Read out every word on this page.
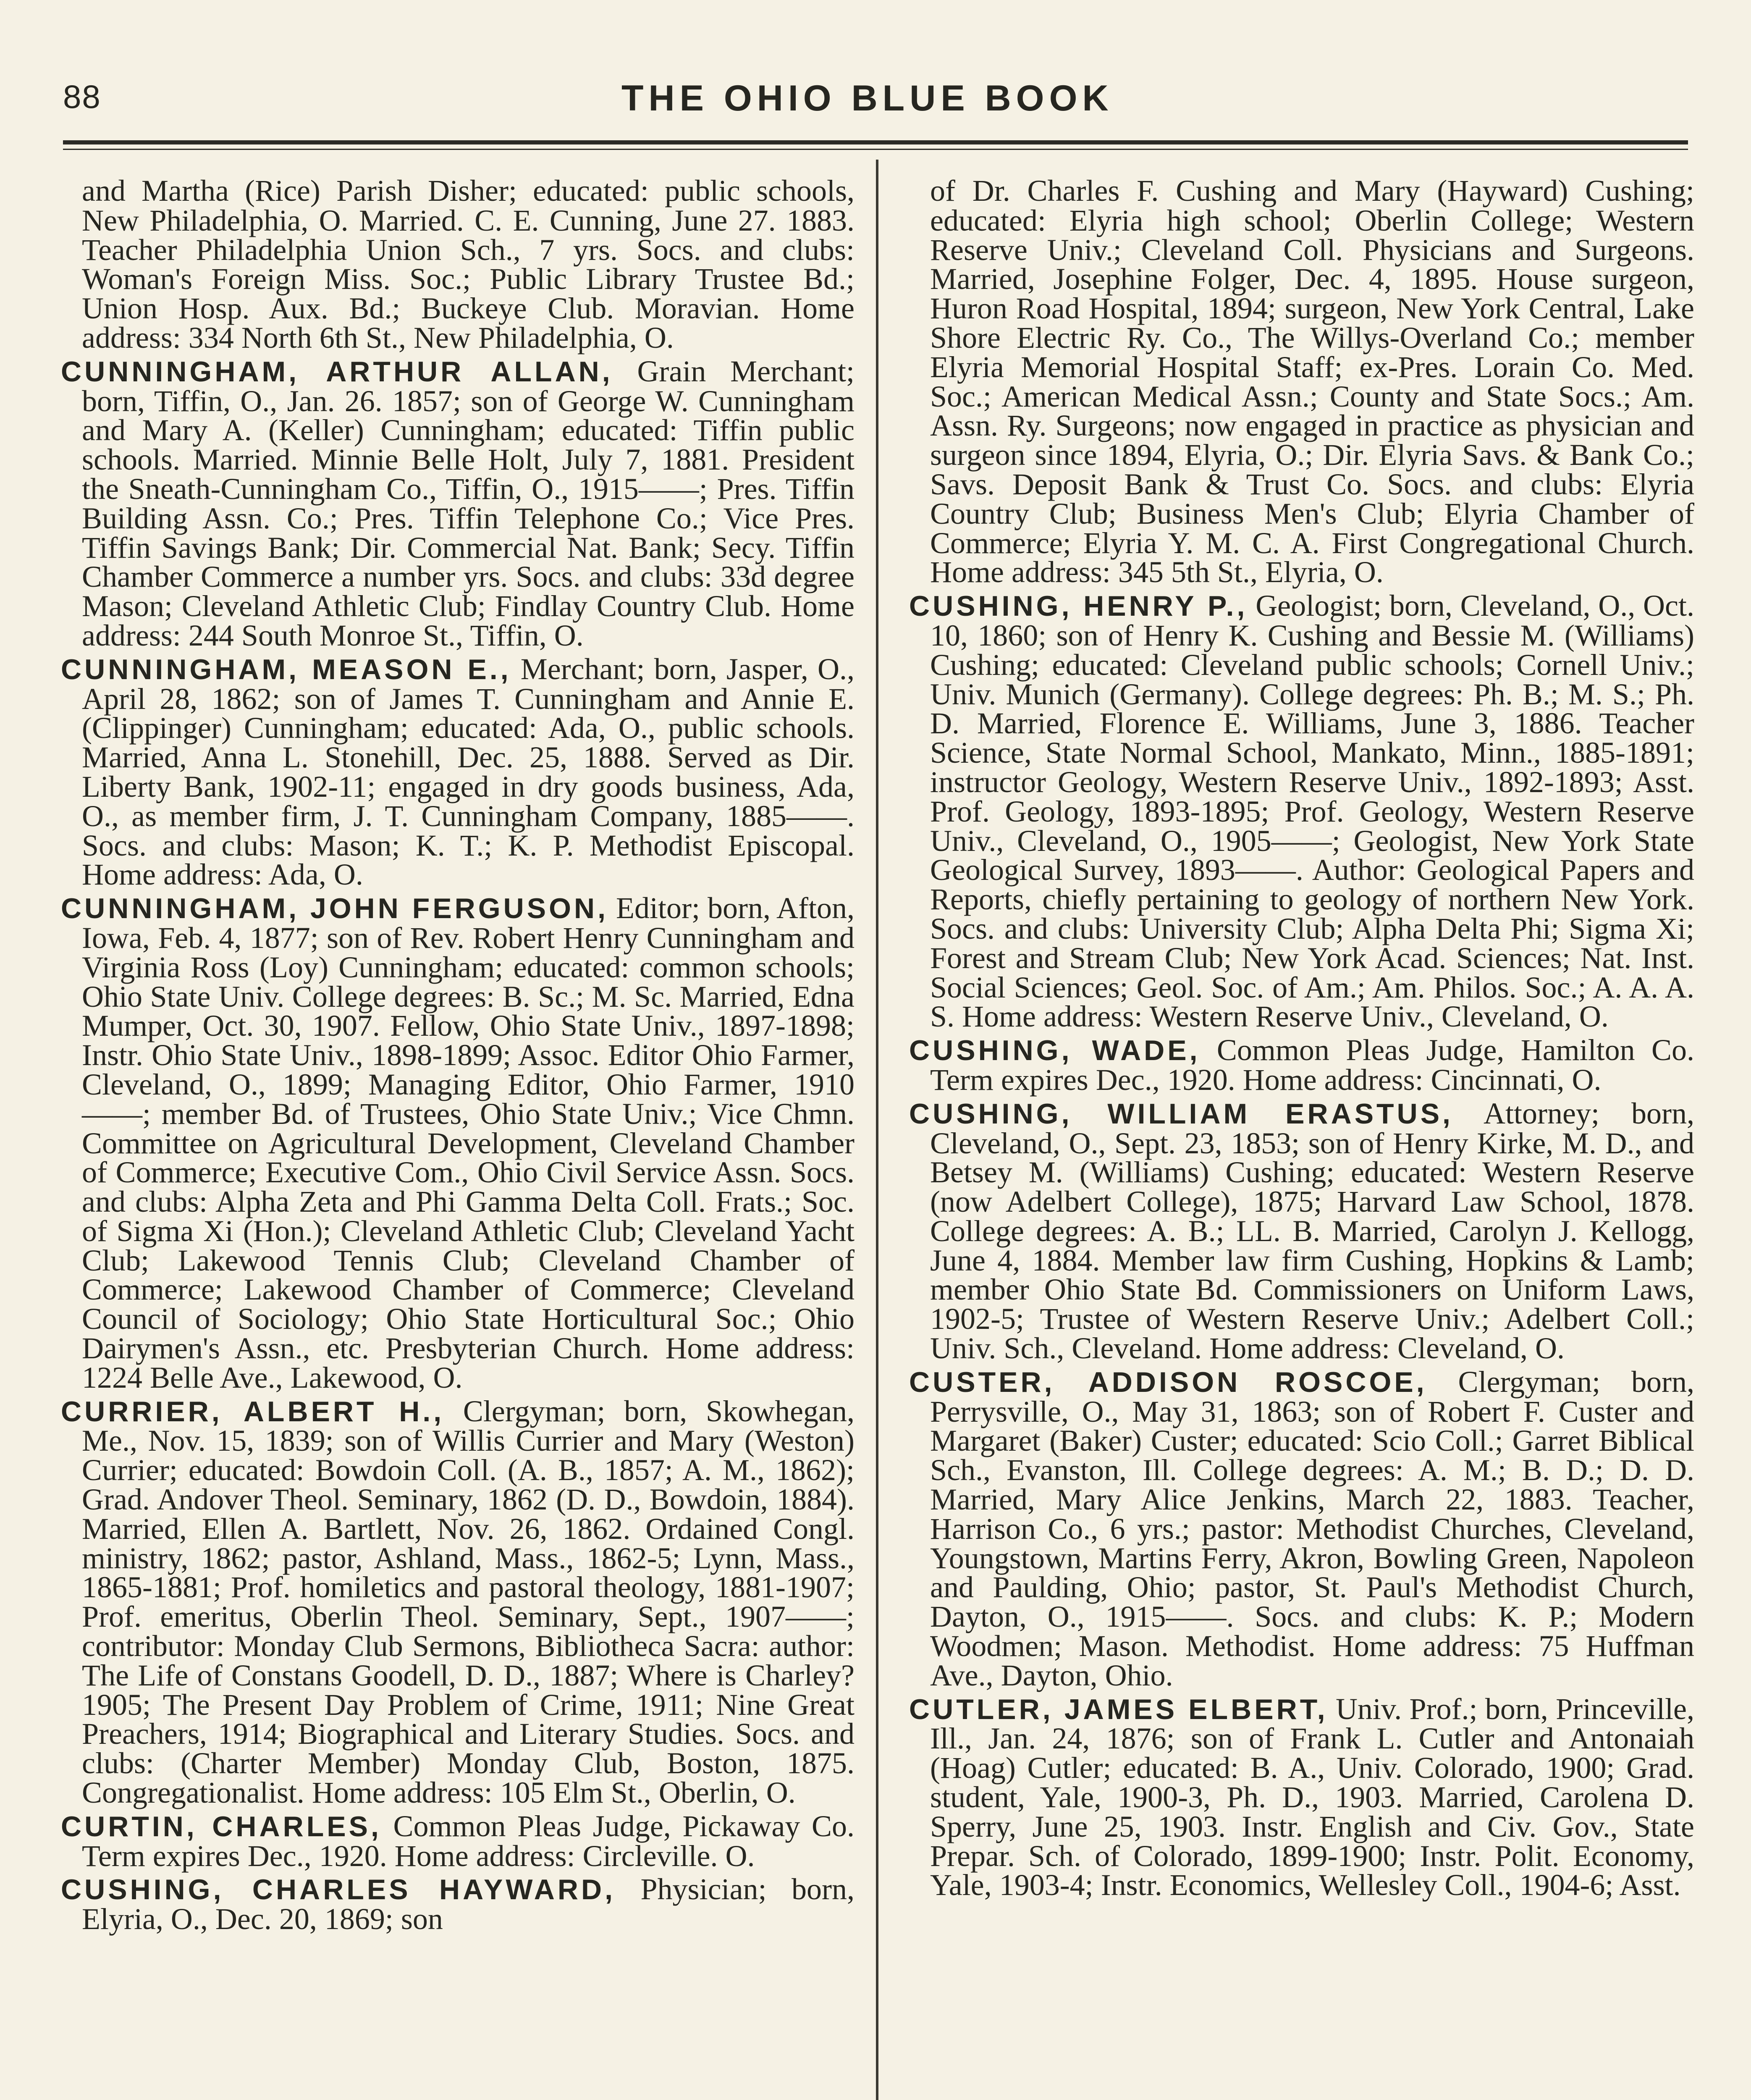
88	THE OHIO BLUE BOOK

and Martha (Rice) Parish Disher; educated: public schools, New Philadelphia, O. Married. C. E. Cunning, June 27. 1883. Teacher Philadelphia Union Sch., 7 yrs. Socs. and clubs: Woman's Foreign Miss. Soc.; Public Library Trustee Bd.; Union Hosp. Aux. Bd.; Buckeye Club. Moravian. Home address: 334 North 6th St., New Philadelphia, O.

CUNNINGHAM, ARTHUR ALLAN, Grain Merchant; born, Tiffin, O., Jan. 26. 1857; son of George W. Cunningham and Mary A. (Keller) Cunningham; educated: Tiffin public schools. Married. Minnie Belle Holt, July 7, 1881. President the Sneath-Cunningham Co., Tiffin, O., 1915——; Pres. Tiffin Building Assn. Co.; Pres. Tiffin Telephone Co.; Vice Pres. Tiffin Savings Bank; Dir. Commercial Nat. Bank; Secy. Tiffin Chamber Commerce a number yrs. Socs. and clubs: 33d degree Mason; Cleveland Athletic Club; Findlay Country Club. Home address: 244 South Monroe St., Tiffin, O.

CUNNINGHAM, MEASON E., Merchant; born, Jasper, O., April 28, 1862; son of James T. Cunningham and Annie E. (Clippinger) Cunningham; educated: Ada, O., public schools. Married, Anna L. Stonehill, Dec. 25, 1888. Served as Dir. Liberty Bank, 1902-11; engaged in dry goods business, Ada, O., as member firm, J. T. Cunningham Company, 1885——. Socs. and clubs: Mason; K. T.; K. P. Methodist Episcopal. Home address: Ada, O.

CUNNINGHAM, JOHN FERGUSON, Editor; born, Afton, Iowa, Feb. 4, 1877; son of Rev. Robert Henry Cunningham and Virginia Ross (Loy) Cunningham; educated: common schools; Ohio State Univ. College degrees: B. Sc.; M. Sc. Married, Edna Mumper, Oct. 30, 1907. Fellow, Ohio State Univ., 1897-1898; Instr. Ohio State Univ., 1898-1899; Assoc. Editor Ohio Farmer, Cleveland, O., 1899; Managing Editor, Ohio Farmer, 1910——; member Bd. of Trustees, Ohio State Univ.; Vice Chmn. Committee on Agricultural Development, Cleveland Chamber of Commerce; Executive Com., Ohio Civil Service Assn. Socs. and clubs: Alpha Zeta and Phi Gamma Delta Coll. Frats.; Soc. of Sigma Xi (Hon.); Cleveland Athletic Club; Cleveland Yacht Club; Lakewood Tennis Club; Cleveland Chamber of Commerce; Lakewood Chamber of Commerce; Cleveland Council of Sociology; Ohio State Horticultural Soc.; Ohio Dairymen's Assn., etc. Presbyterian Church. Home address: 1224 Belle Ave., Lakewood, O.

CURRIER, ALBERT H., Clergyman; born, Skowhegan, Me., Nov. 15, 1839; son of Willis Currier and Mary (Weston) Currier; educated: Bowdoin Coll. (A. B., 1857; A. M., 1862); Grad. Andover Theol. Seminary, 1862 (D. D., Bowdoin, 1884). Married, Ellen A. Bartlett, Nov. 26, 1862. Ordained Congl. ministry, 1862; pastor, Ashland, Mass., 1862-5; Lynn, Mass., 1865-1881; Prof. homiletics and pastoral theology, 1881-1907; Prof. emeritus, Oberlin Theol. Seminary, Sept., 1907——; contributor: Monday Club Sermons, Bibliotheca Sacra: author: The Life of Constans Goodell, D. D., 1887; Where is Charley? 1905; The Present Day Problem of Crime, 1911; Nine Great Preachers, 1914; Biographical and Literary Studies. Socs. and clubs: (Charter Member) Monday Club, Boston, 1875. Congregationalist. Home address: 105 Elm St., Oberlin, O.

CURTIN, CHARLES, Common Pleas Judge, Pickaway Co. Term expires Dec., 1920. Home address: Circleville. O.

CUSHING, CHARLES HAYWARD, Physician; born, Elyria, O., Dec. 20, 1869; son

of Dr. Charles F. Cushing and Mary (Hayward) Cushing; educated: Elyria high school; Oberlin College; Western Reserve Univ.; Cleveland Coll. Physicians and Surgeons. Married, Josephine Folger, Dec. 4, 1895. House surgeon, Huron Road Hospital, 1894; surgeon, New York Central, Lake Shore Electric Ry. Co., The Willys-Overland Co.; member Elyria Memorial Hospital Staff; ex-Pres. Lorain Co. Med. Soc.; American Medical Assn.; County and State Socs.; Am. Assn. Ry. Surgeons; now engaged in practice as physician and surgeon since 1894, Elyria, O.; Dir. Elyria Savs. & Bank Co.; Savs. Deposit Bank & Trust Co. Socs. and clubs: Elyria Country Club; Business Men's Club; Elyria Chamber of Commerce; Elyria Y. M. C. A. First Congregational Church. Home address: 345 5th St., Elyria, O.

CUSHING, HENRY P., Geologist; born, Cleveland, O., Oct. 10, 1860; son of Henry K. Cushing and Bessie M. (Williams) Cushing; educated: Cleveland public schools; Cornell Univ.; Univ. Munich (Germany). College degrees: Ph. B.; M. S.; Ph. D. Married, Florence E. Williams, June 3, 1886. Teacher Science, State Normal School, Mankato, Minn., 1885-1891; instructor Geology, Western Reserve Univ., 1892-1893; Asst. Prof. Geology, 1893-1895; Prof. Geology, Western Reserve Univ., Cleveland, O., 1905——; Geologist, New York State Geological Survey, 1893——. Author: Geological Papers and Reports, chiefly pertaining to geology of northern New York. Socs. and clubs: University Club; Alpha Delta Phi; Sigma Xi; Forest and Stream Club; New York Acad. Sciences; Nat. Inst. Social Sciences; Geol. Soc. of Am.; Am. Philos. Soc.; A. A. A. S. Home address: Western Reserve Univ., Cleveland, O.

CUSHING, WADE, Common Pleas Judge, Hamilton Co. Term expires Dec., 1920. Home address: Cincinnati, O.

CUSHING, WILLIAM ERASTUS, Attorney; born, Cleveland, O., Sept. 23, 1853; son of Henry Kirke, M. D., and Betsey M. (Williams) Cushing; educated: Western Reserve (now Adelbert College), 1875; Harvard Law School, 1878. College degrees: A. B.; LL. B. Married, Carolyn J. Kellogg, June 4, 1884. Member law firm Cushing, Hopkins & Lamb; member Ohio State Bd. Commissioners on Uniform Laws, 1902-5; Trustee of Western Reserve Univ.; Adelbert Coll.; Univ. Sch., Cleveland. Home address: Cleveland, O.

CUSTER, ADDISON ROSCOE, Clergyman; born, Perrysville, O., May 31, 1863; son of Robert F. Custer and Margaret (Baker) Custer; educated: Scio Coll.; Garret Biblical Sch., Evanston, Ill. College degrees: A. M.; B. D.; D. D. Married, Mary Alice Jenkins, March 22, 1883. Teacher, Harrison Co., 6 yrs.; pastor: Methodist Churches, Cleveland, Youngstown, Martins Ferry, Akron, Bowling Green, Napoleon and Paulding, Ohio; pastor, St. Paul's Methodist Church, Dayton, O., 1915——. Socs. and clubs: K. P.; Modern Woodmen; Mason. Methodist. Home address: 75 Huffman Ave., Dayton, Ohio.

CUTLER, JAMES ELBERT, Univ. Prof.; born, Princeville, Ill., Jan. 24, 1876; son of Frank L. Cutler and Antonaiah (Hoag) Cutler; educated: B. A., Univ. Colorado, 1900; Grad. student, Yale, 1900-3, Ph. D., 1903. Married, Carolena D. Sperry, June 25, 1903. Instr. English and Civ. Gov., State Prepar. Sch. of Colorado, 1899-1900; Instr. Polit. Economy, Yale, 1903-4; Instr. Economics, Wellesley Coll., 1904-6; Asst.
